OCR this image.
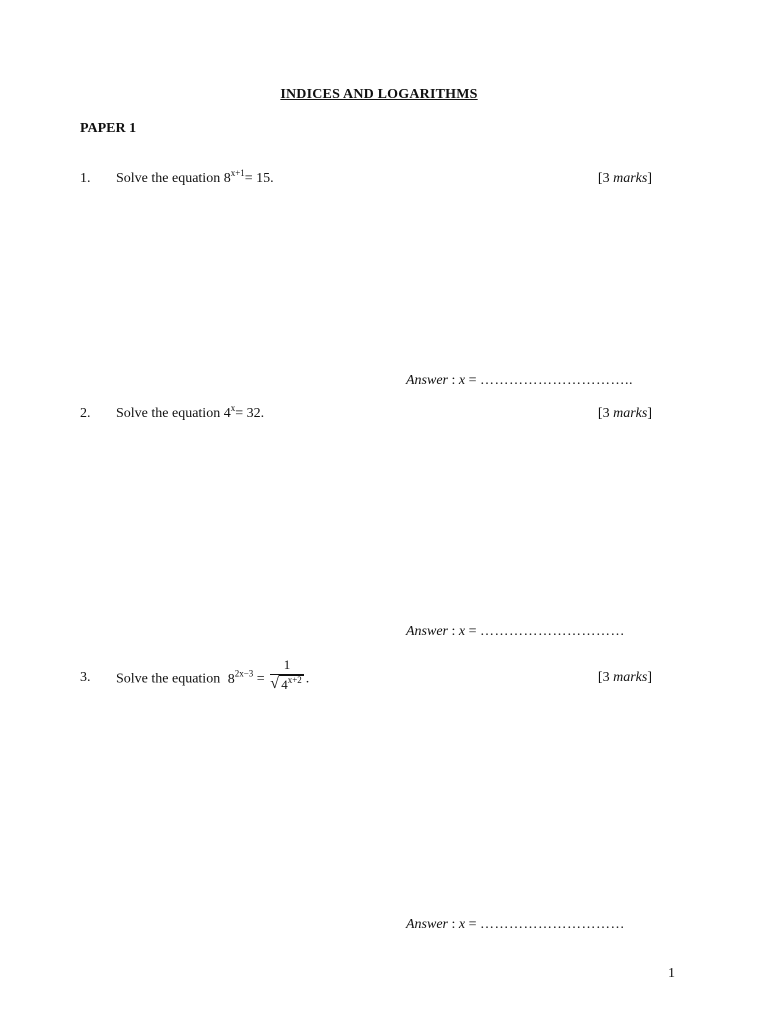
INDICES AND LOGARITHMS
PAPER 1
1. Solve the equation $8^{x+1}= 15$.	[3 marks]
Answer : x = …………………………..
2. Solve the equation $4^x= 32$.	[3 marks]
Answer : x = …………………………
3. Solve the equation $8^{2x-3} = \frac{1}{√ 4^{x+2}}$ .	[3 marks]
Answer : x = …………………………
1
